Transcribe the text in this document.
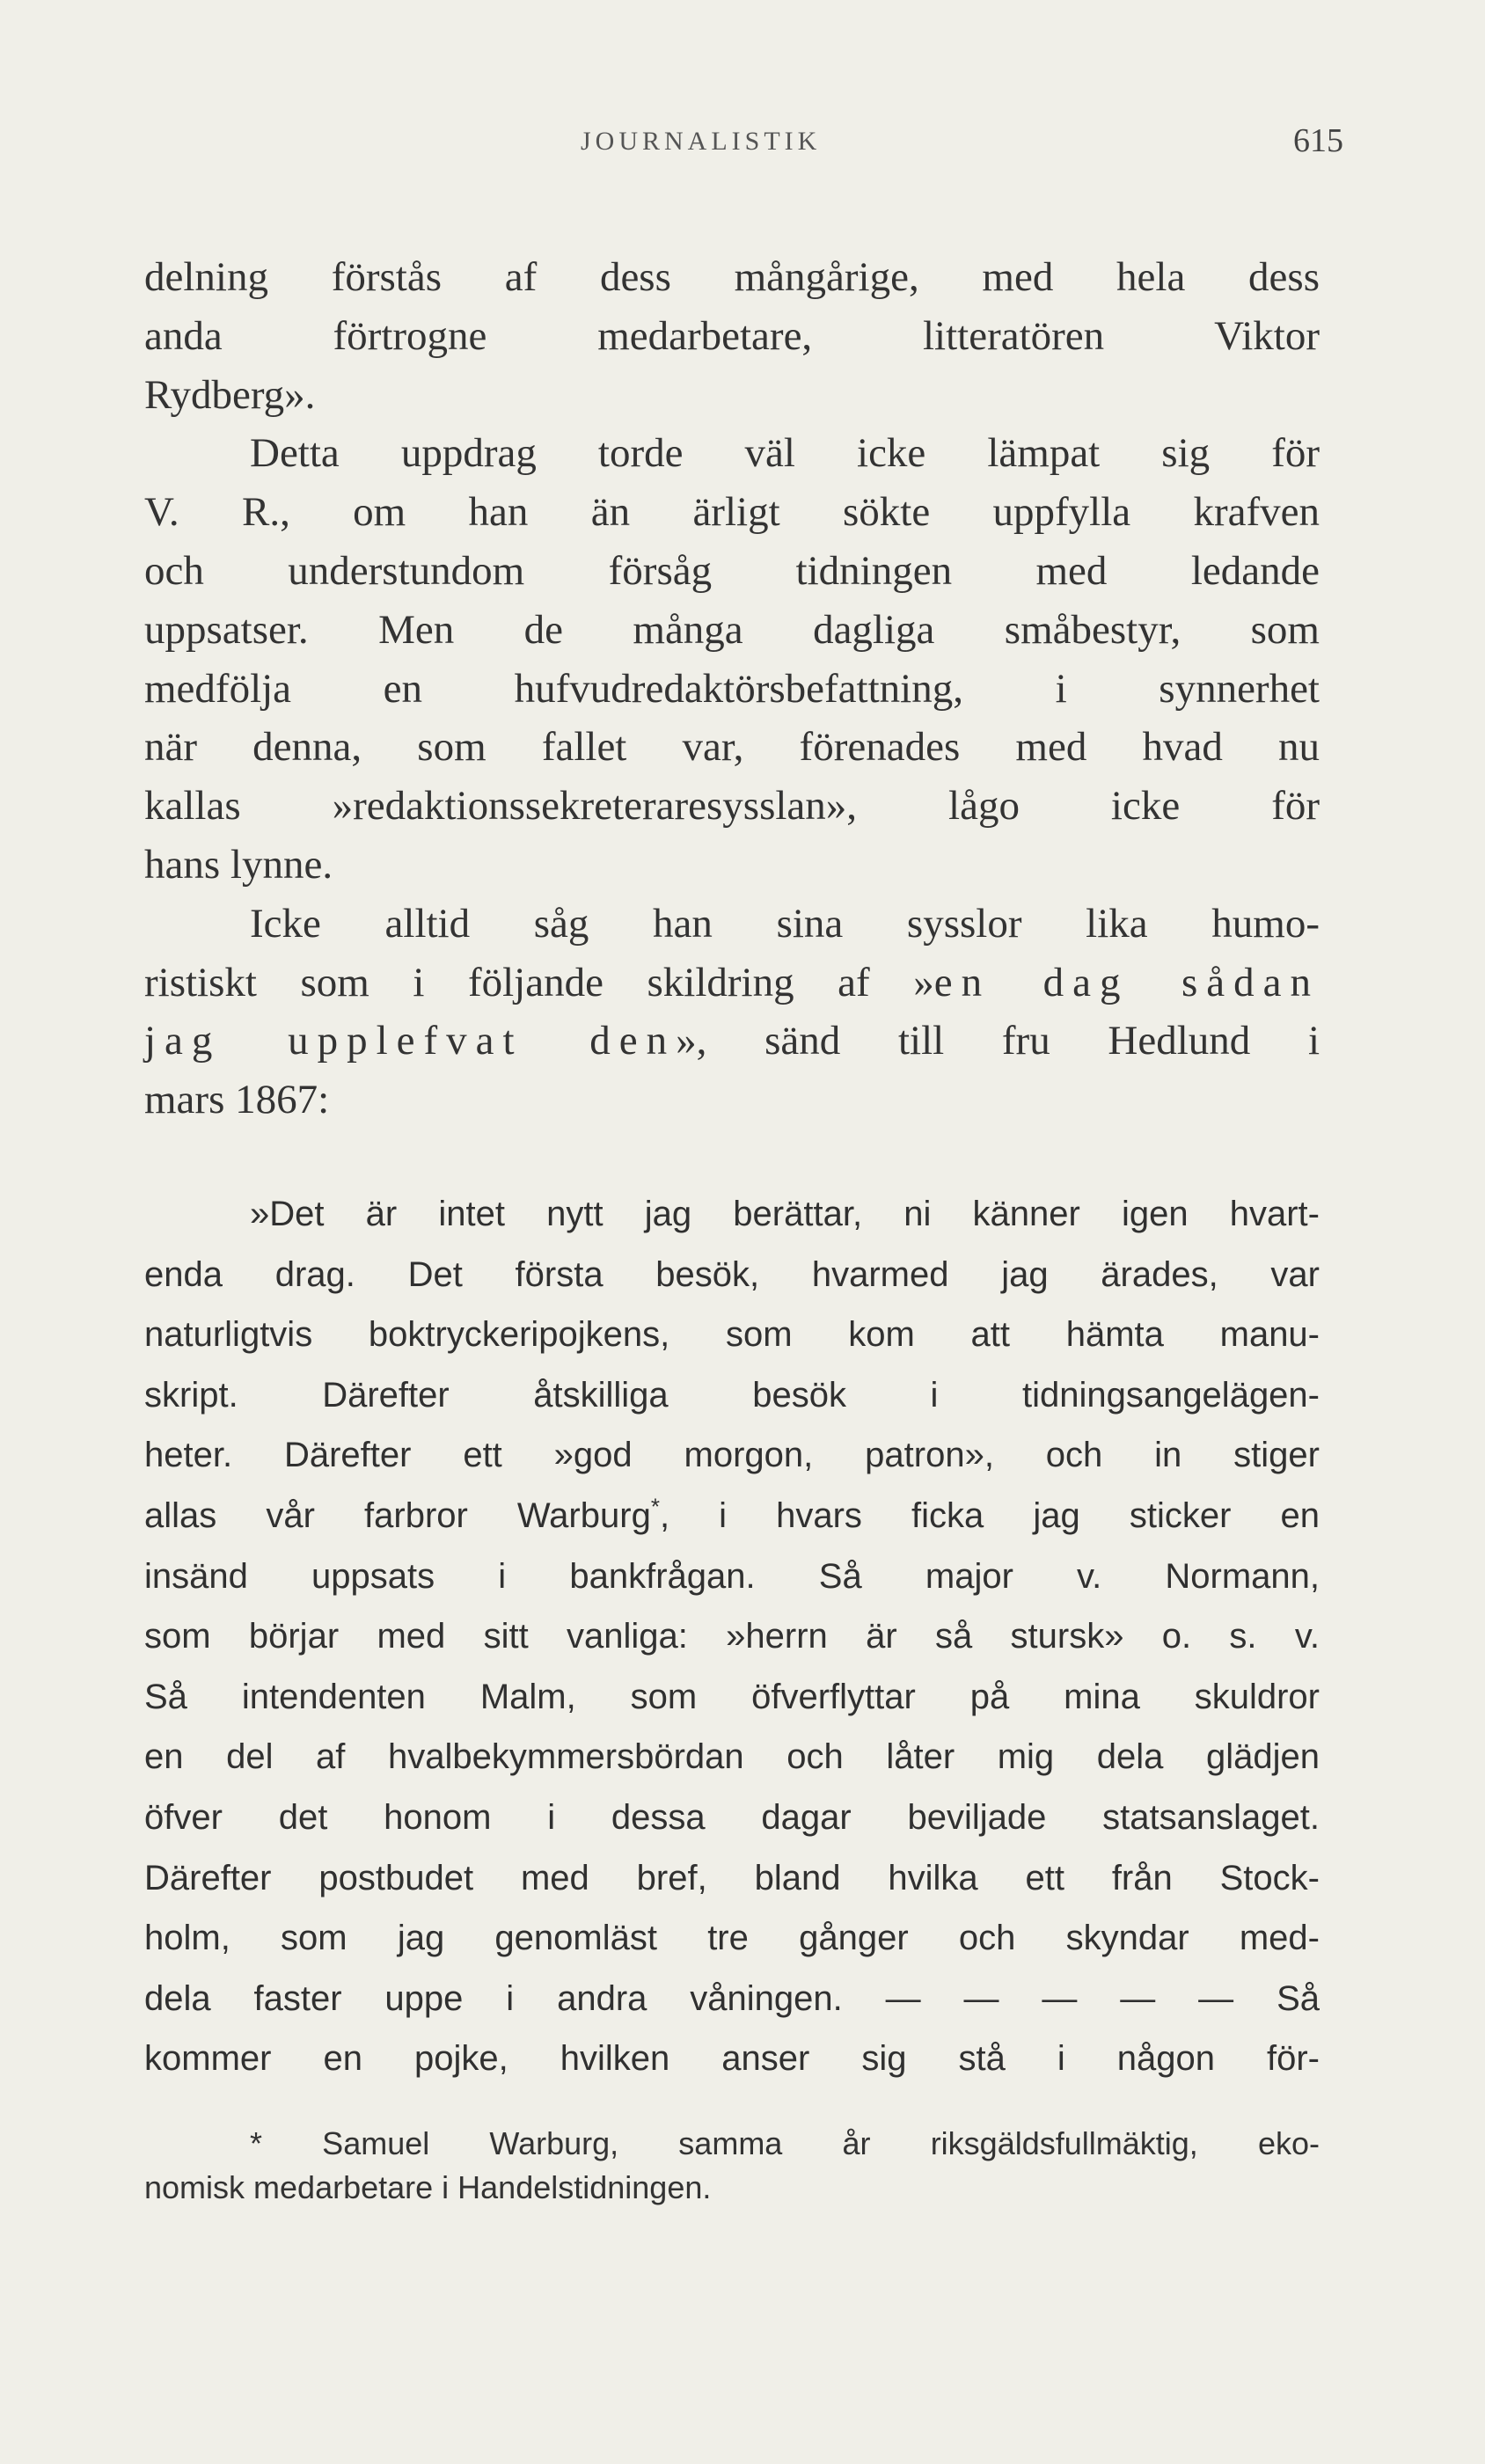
JOURNALISTIK	615
delning förstås af dess mångårige, med hela dess
anda förtrogne medarbetare, litteratören Viktor
Rydberg».
Detta uppdrag torde väl icke lämpat sig för
V. R., om han än ärligt sökte uppfylla krafven
och understundom försåg tidningen med ledande
uppsatser. Men de många dagliga småbestyr, som
medfölja en hufvudredaktörsbefattning, i synnerhet
när denna, som fallet var, förenades med hvad nu
kallas »redaktionssekreteraresysslan», lågo icke för
hans lynne.
Icke alltid såg han sina sysslor lika humo-
ristiskt som i följande skildring af »en dag sådan
jag upplefvat den», sänd till fru Hedlund i
mars 1867:
»Det är intet nytt jag berättar, ni känner igen hvart-
enda drag. Det första besök, hvarmed jag ärades, var
naturligtvis boktryckeripojkens, som kom att hämta manu-
skript. Därefter åtskilliga besök i tidningsangelägen-
heter. Därefter ett »god morgon, patron», och in stiger
allas vår farbror Warburg*, i hvars ficka jag sticker en
insänd uppsats i bankfrågan. Så major v. Normann,
som börjar med sitt vanliga: »herrn är så stursk» o. s. v.
Så intendenten Malm, som öfverflyttar på mina skuldror
en del af hvalbekymmersbördan och låter mig dela glädjen
öfver det honom i dessa dagar beviljade statsanslaget.
Därefter postbudet med bref, bland hvilka ett från Stock-
holm, som jag genomläst tre gånger och skyndar med-
dela faster uppe i andra våningen. — — — — — Så
kommer en pojke, hvilken anser sig stå i någon för-
* Samuel Warburg, samma år riksgäldsfullmäktig, eko-
nomisk medarbetare i Handelstidningen.
